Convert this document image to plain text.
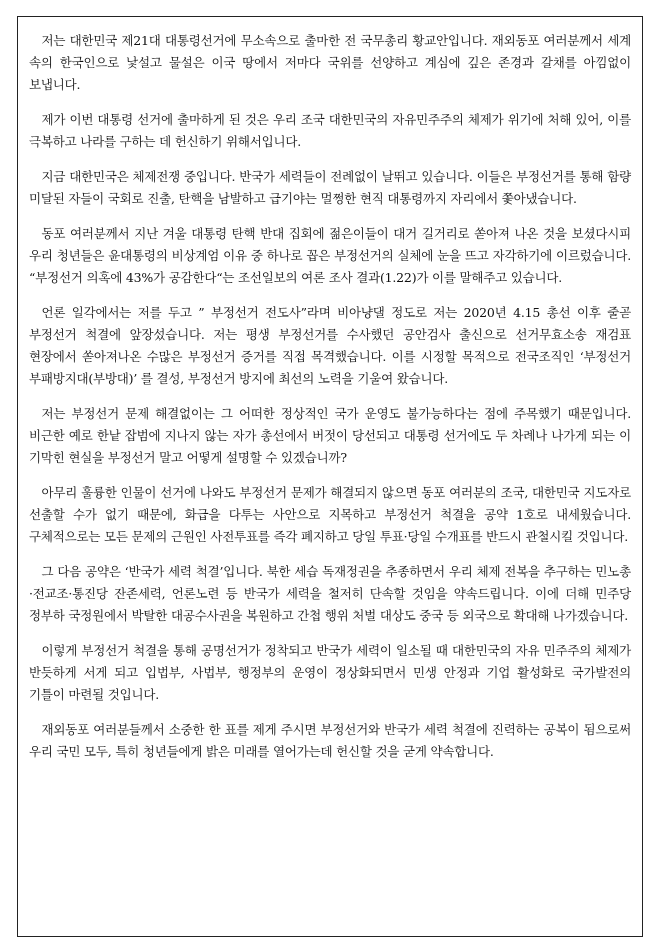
저는 대한민국 제21대 대통령선거에 무소속으로 출마한 전 국무총리 황교안입니다. 재외동포 여러분께서 세계 속의 한국인으로 낯설고 물설은 이국 땅에서 저마다 국위를 선양하고 계심에 깊은 존경과 갈채를 아낌없이 보냅니다.

제가 이번 대통령 선거에 출마하게 된 것은 우리 조국 대한민국의 자유민주주의 체제가 위기에 처해 있어, 이를 극복하고 나라를 구하는 데 헌신하기 위해서입니다.

지금 대한민국은 체제전쟁 중입니다. 반국가 세력들이 전례없이 날뛰고 있습니다. 이들은 부정선거를 통해 함량 미달된 자들이 국회로 진출, 탄핵을 남발하고 급기야는 멀쩡한 현직 대통령까지 자리에서 쫓아냈습니다.

동포 여러분께서 지난 겨울 대통령 탄핵 반대 집회에 젊은이들이 대거 길거리로 쏟아져 나온 것을 보셨다시피 우리 청년들은 윤대통령의 비상계엄 이유 중 하나로 꼽은 부정선거의 실체에 눈을 뜨고 자각하기에 이르렀습니다. “부정선거 의혹에 43%가 공감한다“는 조선일보의 여론 조사 결과(1.22)가 이를 말해주고 있습니다.

언론 일각에서는 저를 두고 ” 부정선거 전도사”라며 비아냥댈 정도로 저는 2020년 4.15 총선 이후 줄곧 부정선거 척결에 앞장섰습니다. 저는 평생 부정선거를 수사했던 공안검사 출신으로 선거무효소송 재검표 현장에서 쏟아져나온 수많은 부정선거 증거를 직접 목격했습니다. 이를 시정할 목적으로 전국조직인 ‘부정선거 부패방지대(부방대)’ 를 결성, 부정선거 방지에 최선의 노력을 기울여 왔습니다.

저는 부정선거 문제 해결없이는 그 어떠한 정상적인 국가 운영도 불가능하다는 점에 주목했기 때문입니다. 비근한 예로 한낱 잡범에 지나지 않는 자가 총선에서 버젓이 당선되고 대통령 선거에도 두 차례나 나가게 되는 이 기막힌 현실을 부정선거 말고 어떻게 설명할 수 있겠습니까?

아무리 훌륭한 인물이 선거에 나와도 부정선거 문제가 해결되지 않으면 동포 여러분의 조국, 대한민국 지도자로 선출할 수가 없기 때문에, 화급을 다투는 사안으로 지목하고 부정선거 척결을 공약 1호로 내세웠습니다. 구체적으로는 모든 문제의 근원인 사전투표를 즉각 폐지하고 당일 투표·당일 수개표를 반드시 관철시킬 것입니다.

그 다음 공약은 ‘반국가 세력 척결’입니다. 북한 세습 독재정권을 추종하면서 우리 체제 전복을 추구하는 민노총·전교조·통진당 잔존세력, 언론노련 등 반국가 세력을 철저히 단속할 것임을 약속드립니다. 이에 더해 민주당 정부하 국정원에서 박탈한 대공수사권을 복원하고 간첩 행위 처벌 대상도 중국 등 외국으로 확대해 나가겠습니다.

이렇게 부정선거 척결을 통해 공명선거가 정착되고 반국가 세력이 일소될 때 대한민국의 자유 민주주의 체제가 반듯하게 서게 되고 입법부, 사법부, 행정부의 운영이 정상화되면서 민생 안정과 기업 활성화로 국가발전의 기틀이 마련될 것입니다.

재외동포 여러분들께서 소중한 한 표를 제게 주시면 부정선거와 반국가 세력 척결에 진력하는 공복이 됨으로써 우리 국민 모두, 특히 청년들에게 밝은 미래를 열어가는데 헌신할 것을 굳게 약속합니다.
